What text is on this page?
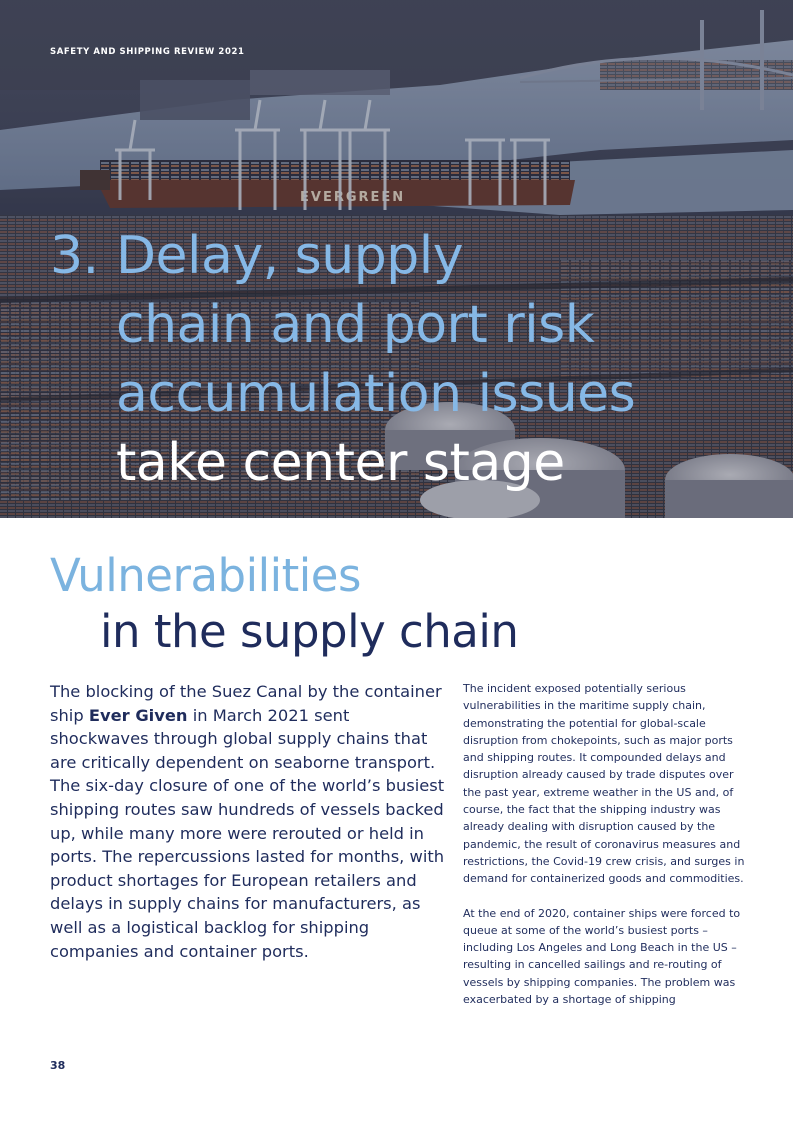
EVERGREEN
SAFETY AND SHIPPING REVIEW 2021
3. Delay, supply
chain and port risk
accumulation issues
take center stage
Vulnerabilities
in the supply chain

The blocking of the Suez Canal by the container ship Ever Given in March 2021 sent shockwaves through global supply chains that are critically dependent on seaborne transport. The six-day closure of one of the world’s busiest shipping routes saw hundreds of vessels backed up, while many more were rerouted or held in ports. The repercussions lasted for months, with product shortages for European retailers and delays in supply chains for manufacturers, as well as a logistical backlog for shipping companies and container ports.

The incident exposed potentially serious vulnerabilities in the maritime supply chain, demonstrating the potential for global-scale disruption from chokepoints, such as major ports and shipping routes. It compounded delays and disruption already caused by trade disputes over the past year, extreme weather in the US and, of course, the fact that the shipping industry was already dealing with disruption caused by the pandemic, the result of coronavirus measures and restrictions, the Covid-19 crew crisis, and surges in demand for containerized goods and commodities.

At the end of 2020, container ships were forced to queue at some of the world’s busiest ports – including Los Angeles and Long Beach in the US – resulting in cancelled sailings and re-routing of vessels by shipping companies. The problem was exacerbated by a shortage of shipping

38
